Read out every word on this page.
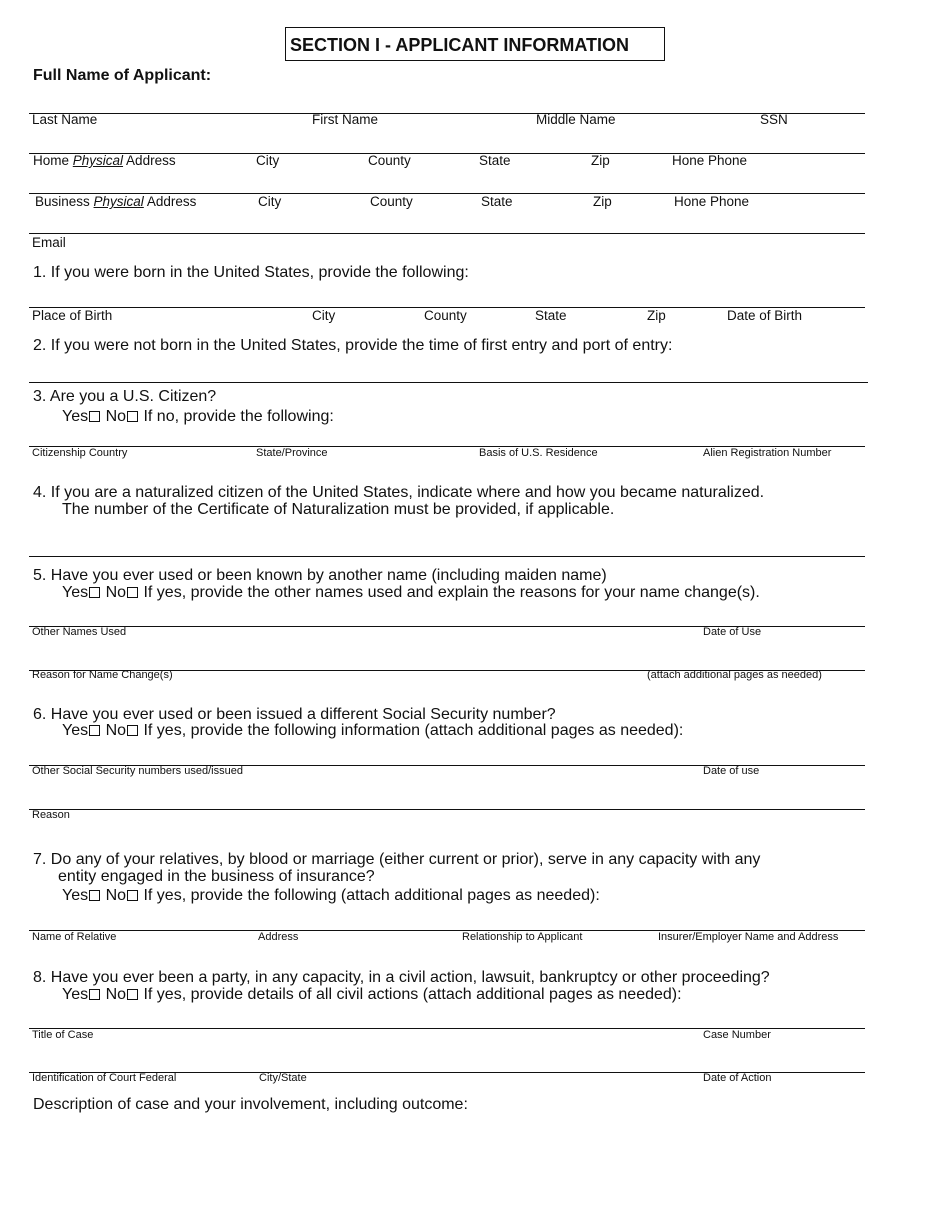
SECTION I - APPLICANT INFORMATION
Full Name of Applicant:
Last Name	First Name	Middle Name	SSN
Home Physical Address	City	County	State	Zip	Hone Phone
Business Physical Address	City	County	State	Zip	Hone Phone
Email
1. If you were born in the United States, provide the following:
Place of Birth	City	County	State	Zip	Date of Birth
2. If you were not born in the United States, provide the time of first entry and port of entry:
3. Are you a U.S. Citizen?
Yes No If no, provide the following:
Citizenship Country	State/Province	Basis of U.S. Residence	Alien Registration Number
4. If you are a naturalized citizen of the United States, indicate where and how you became naturalized.
The number of the Certificate of Naturalization must be provided, if applicable.
5. Have you ever used or been known by another name (including maiden name)
Yes No If yes, provide the other names used and explain the reasons for your name change(s).
Other Names Used	Date of Use
Reason for Name Change(s)	(attach additional pages as needed)
6. Have you ever used or been issued a different Social Security number?
Yes No If yes, provide the following information (attach additional pages as needed):
Other Social Security numbers used/issued	Date of use
Reason
7. Do any of your relatives, by blood or marriage (either current or prior), serve in any capacity with any
entity engaged in the business of insurance?
Yes No If yes, provide the following (attach additional pages as needed):
Name of Relative	Address	Relationship to Applicant	Insurer/Employer Name and Address
8. Have you ever been a party, in any capacity, in a civil action, lawsuit, bankruptcy or other proceeding?
Yes No If yes, provide details of all civil actions (attach additional pages as needed):
Title of Case	Case Number
Identification of Court Federal	City/State	Date of Action
Description of case and your involvement, including outcome:
